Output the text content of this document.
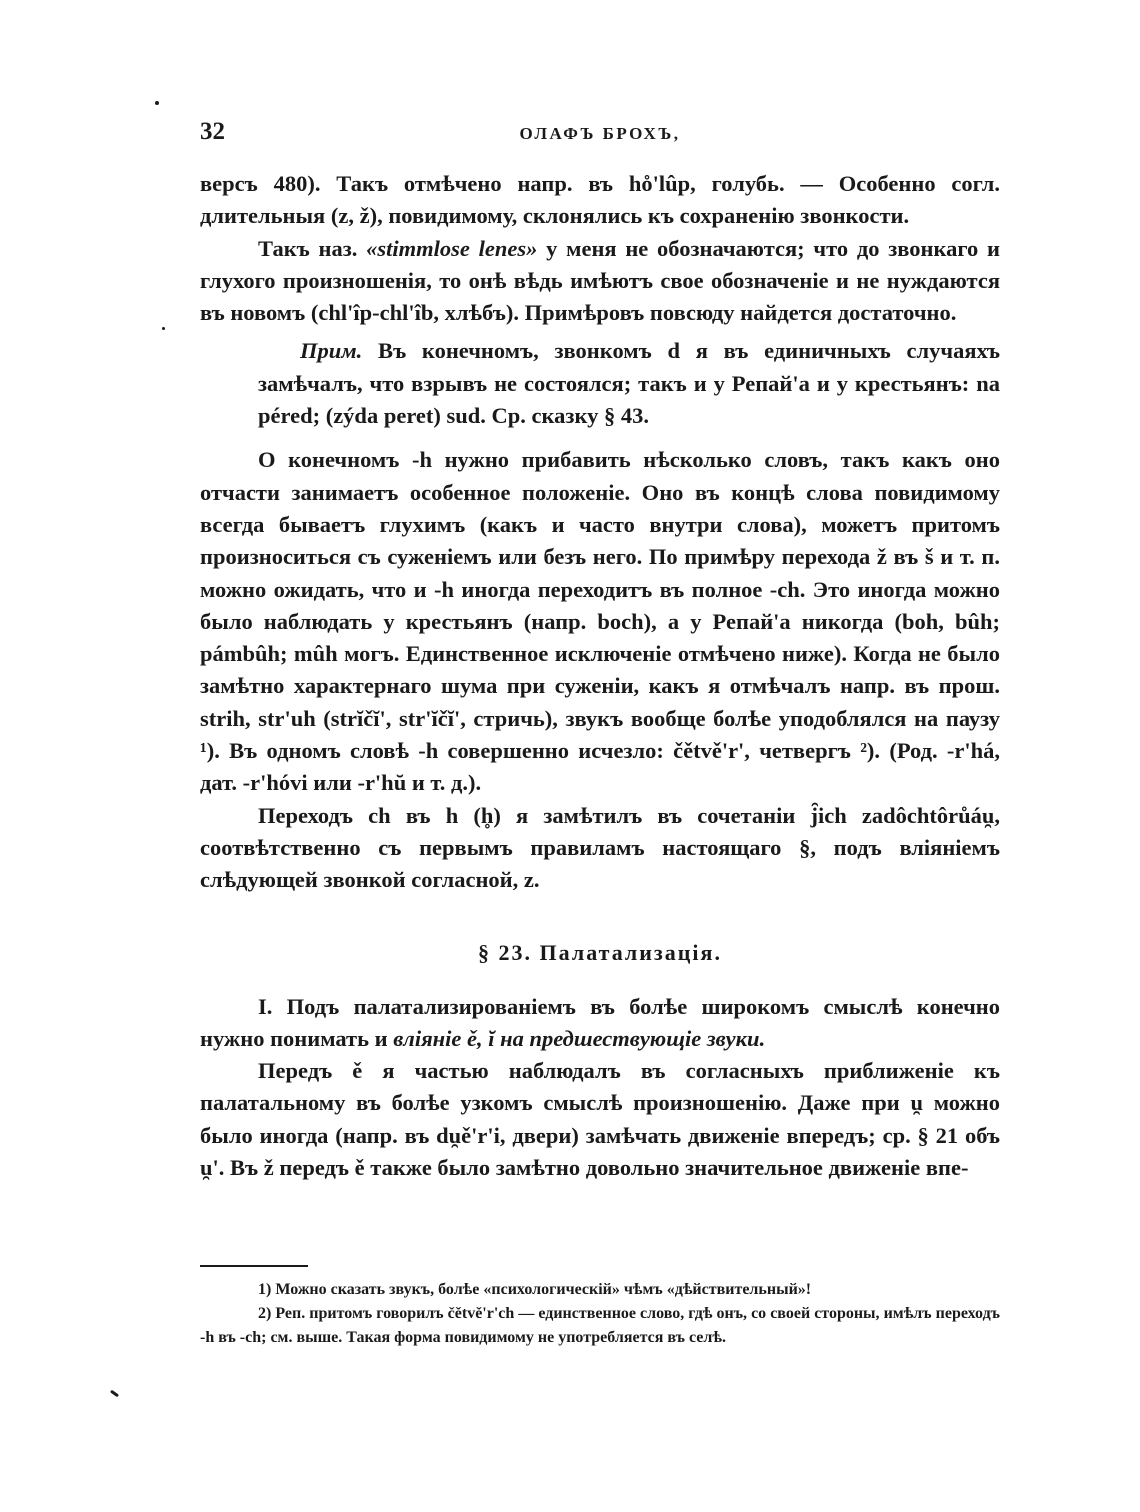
32	ОЛАФЪ БРОХЪ,

версъ 480). Такъ отмѣчено напр. въ ho̊'lûp, голубь. — Особенно согл. длительныя (z, ž), повидимому, склонялись къ сохраненію звонкости.

Такъ наз. «stimmlose lenes» у меня не обозначаются; что до звонкаго и глухого произношенія, то онѣ вѣдь имѣютъ свое обозначеніе и не нуждаются въ новомъ (chl'îp-chl'îb, хлѣбъ). Примѣровъ повсюду найдется достаточно.

Прим. Въ конечномъ, звонкомъ d я въ единичныхъ случаяхъ замѣчалъ, что взрывъ не состоялся; такъ и у Репай'а и у крестьянъ: na péred; (zýda peret) sud. Ср. сказку § 43.

О конечномъ -h нужно прибавить нѣсколько словъ, такъ какъ оно отчасти занимаетъ особенное положеніе. Оно въ концѣ слова повидимому всегда бываетъ глухимъ (какъ и часто внутри слова), можетъ притомъ произноситься съ суженіемъ или безъ него. По примѣру перехода ž въ š и т. п. можно ожидать, что и -h иногда переходитъ въ полное -ch. Это иногда можно было наблюдать у крестьянъ (напр. boch), а у Репай'а никогда (boh, bûh; pámbûh; mûh могъ. Единственное исключеніе отмѣчено ниже). Когда не было замѣтно характернаго шума при суженіи, какъ я отмѣчалъ напр. въ прош. strih, str'uh (strĭčĭ', str'ĭčĭ', стричь), звукъ вообще болѣе уподоблялся на паузу ¹). Въ одномъ словѣ -h совершенно исчезло: čětvě'r', четвергъ ²). (Род. -r'há, дат. -r'hóvi или -r'hŭ и т. д.).

Переходъ ch въ h (h̥) я замѣтилъ въ сочетаніи j̑ich zadôchtôrůáu̯, соотвѣтственно съ первымъ правиламъ настоящаго §, подъ вліяніемъ слѣдующей звонкой согласной, z.

§ 23. Палатализація.

I. Подъ палатализированіемъ въ болѣе широкомъ смыслѣ конечно нужно понимать и вліяніе ě, ĭ на предшествующіе звуки.

Передъ ě я частью наблюдалъ въ согласныхъ приближеніе къ палатальному въ болѣе узкомъ смыслѣ произношенію. Даже при u̯ можно было иногда (напр. въ du̯ě'r'i, двери) замѣчать движеніе впередъ; ср. § 21 объ u̯'. Въ ž передъ ě также было замѣтно довольно значительное движеніе впе-

1) Можно сказать звукъ, болѣе «психологическій» чѣмъ «дѣйствительный»!

2) Реп. притомъ говорилъ čětvě'r'ch — единственное слово, гдѣ онъ, со своей стороны, имѣлъ переходъ -h въ -ch; см. выше. Такая форма повидимому не употребляется въ селѣ.
